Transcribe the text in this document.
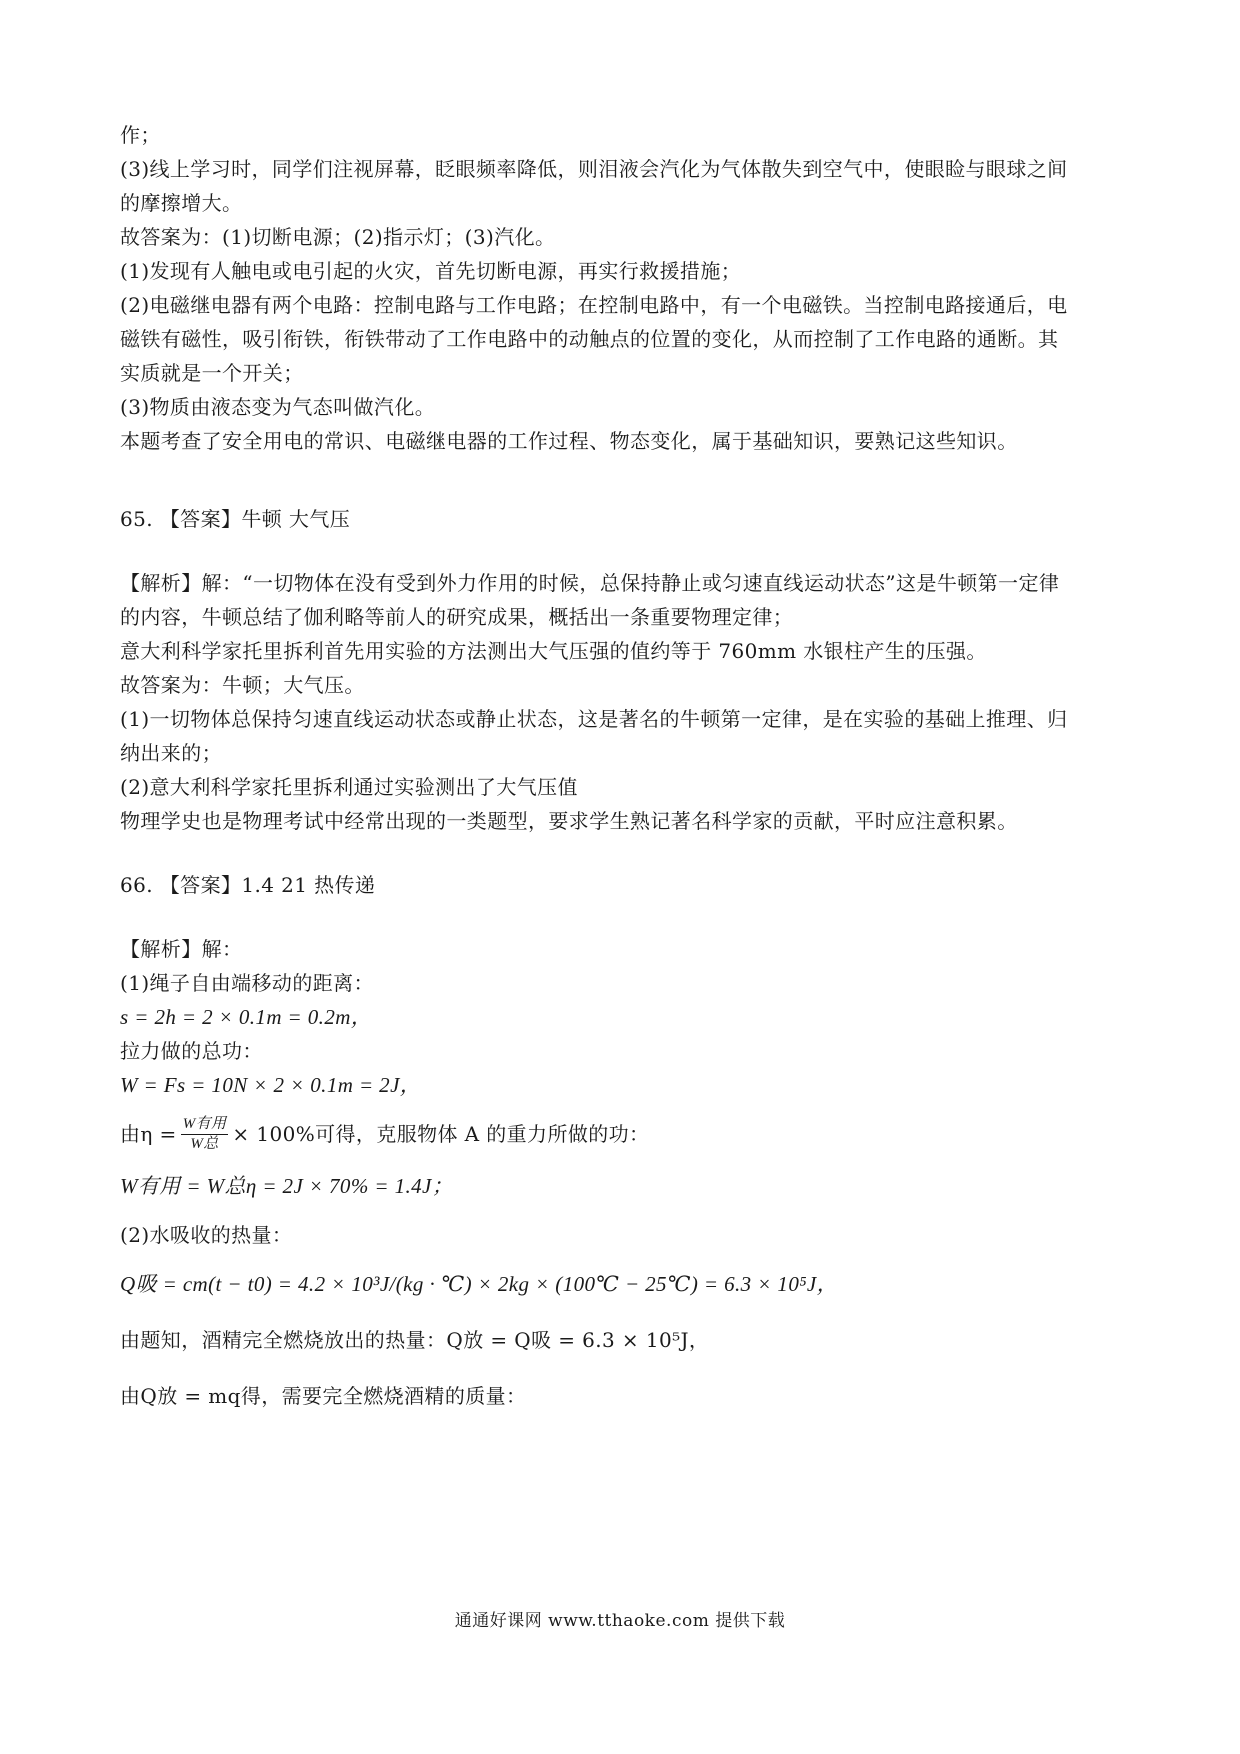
作；
(3)线上学习时，同学们注视屏幕，眨眼频率降低，则泪液会汽化为气体散失到空气中，使眼睑与眼球之间
的摩擦增大。
故答案为：(1)切断电源；(2)指示灯；(3)汽化。
(1)发现有人触电或电引起的火灾，首先切断电源，再实行救援措施；
(2)电磁继电器有两个电路：控制电路与工作电路；在控制电路中，有一个电磁铁。当控制电路接通后，电
磁铁有磁性，吸引衔铁，衔铁带动了工作电路中的动触点的位置的变化，从而控制了工作电路的通断。其
实质就是一个开关；
(3)物质由液态变为气态叫做汽化。
本题考查了安全用电的常识、电磁继电器的工作过程、物态变化，属于基础知识，要熟记这些知识。
65. 【答案】牛顿 大气压
【解析】解：“一切物体在没有受到外力作用的时候，总保持静止或匀速直线运动状态”这是牛顿第一定律
的内容，牛顿总结了伽利略等前人的研究成果，概括出一条重要物理定律；
意大利科学家托里拆利首先用实验的方法测出大气压强的值约等于 760mm 水银柱产生的压强。
故答案为：牛顿；大气压。
(1)一切物体总保持匀速直线运动状态或静止状态，这是著名的牛顿第一定律，是在实验的基础上推理、归
纳出来的；
(2)意大利科学家托里拆利通过实验测出了大气压值
物理学史也是物理考试中经常出现的一类题型，要求学生熟记著名科学家的贡献，平时应注意积累。
66. 【答案】1.4 21 热传递
【解析】解：
(1)绳子自由端移动的距离：
s = 2h = 2 × 0.1m = 0.2m，
拉力做的总功：
W = Fs = 10N × 2 × 0.1m = 2J，
由$\eta = \frac{\text{W有用}}{\text{W总}} \times 100\%$可得，克服物体 A 的重力所做的功：
W有用 = W总η = 2J × 70% = 1.4J；
(2)水吸收的热量：
Q吸 = cm(t − t0) = 4.2 × 10³J/(kg · ℃) × 2kg × (100℃ − 25℃) = 6.3 × 10⁵J，
由题知，酒精完全燃烧放出的热量：Q放 = Q吸 = 6.3 × 10⁵J，
由Q放 = mq得，需要完全燃烧酒精的质量：
通通好课网 www.tthaoke.com 提供下载
